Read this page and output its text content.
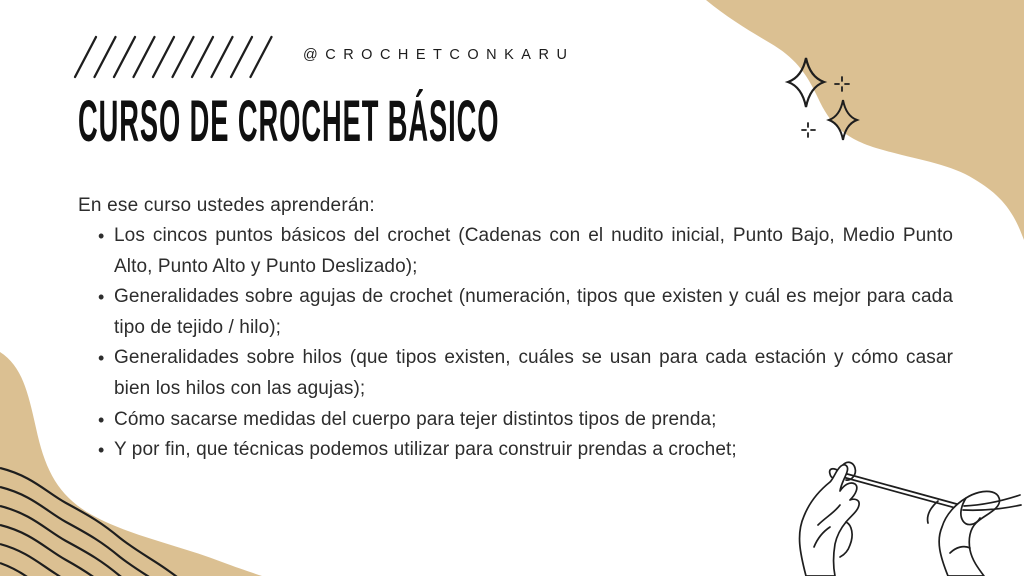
@CROCHETCONKARU
CURSO DE CROCHET BÁSICO

En ese curso ustedes aprenderán:

• Los cincos puntos básicos del crochet (Cadenas con el nudito inicial, Punto Bajo, Medio Punto Alto, Punto Alto y Punto Deslizado);
• Generalidades sobre agujas de crochet (numeración, tipos que existen y cuál es mejor para cada tipo de tejido / hilo);
• Generalidades sobre hilos (que tipos existen, cuáles se usan para cada estación y cómo casar bien los hilos con las agujas);
• Cómo sacarse medidas del cuerpo para tejer distintos tipos de prenda;
• Y por fin, que técnicas podemos utilizar para construir prendas a crochet;
